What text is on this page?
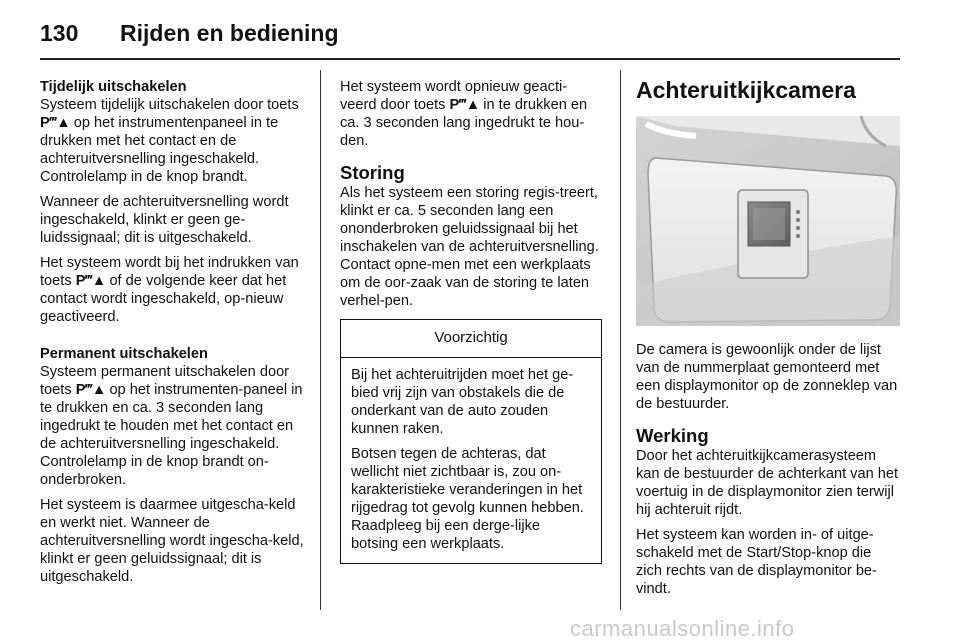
130 Rijden en bediening

Tijdelijk uitschakelen

Systeem tijdelijk uitschakelen door toets P′′′▲ op het instrumentenpaneel in te drukken met het contact en de achteruitversnelling ingeschakeld. Controlelamp in de knop brandt.

Wanneer de achteruitversnelling wordt ingeschakeld, klinkt er geen ge-luidssignaal; dit is uitgeschakeld.

Het systeem wordt bij het indrukken van toets P′′′▲ of de volgende keer dat het contact wordt ingeschakeld, op-nieuw geactiveerd.

Permanent uitschakelen

Systeem permanent uitschakelen door toets P′′′▲ op het instrumenten-paneel in te drukken en ca. 3 seconden lang ingedrukt te houden met het contact en de achteruitversnelling ingeschakeld. Controlelamp in de knop brandt on-onderbroken.

Het systeem is daarmee uitgescha-keld en werkt niet. Wanneer de achteruitversnelling wordt ingescha-keld, klinkt er geen geluidssignaal; dit is uitgeschakeld.

Het systeem wordt opnieuw geacti-veerd door toets P′′′▲ in te drukken en ca. 3 seconden lang ingedrukt te hou-den.

Storing

Als het systeem een storing regis-treert, klinkt er ca. 5 seconden lang een ononderbroken geluidssignaal bij het inschakelen van de achteruitversnelling. Contact opne-men met een werkplaats om de oor-zaak van de storing te laten verhel-pen.

Voorzichtig

Bij het achteruitrijden moet het ge-bied vrij zijn van obstakels die de onderkant van de auto zouden kunnen raken.

Botsen tegen de achteras, dat wellicht niet zichtbaar is, zou on-karakteristieke veranderingen in het rijgedrag tot gevolg kunnen hebben. Raadpleeg bij een derge-lijke botsing een werkplaats.

Achteruitkijkcamera

De camera is gewoonlijk onder de lijst van de nummerplaat gemonteerd met een displaymonitor op de zonneklep van de bestuurder.

Werking

Door het achteruitkijkcamerasysteem kan de bestuurder de achterkant van het voertuig in de displaymonitor zien terwijl hij achteruit rijdt.

Het systeem kan worden in- of uitge-schakeld met de Start/Stop-knop die zich rechts van de displaymonitor be-vindt.

carmanualsonline.info
